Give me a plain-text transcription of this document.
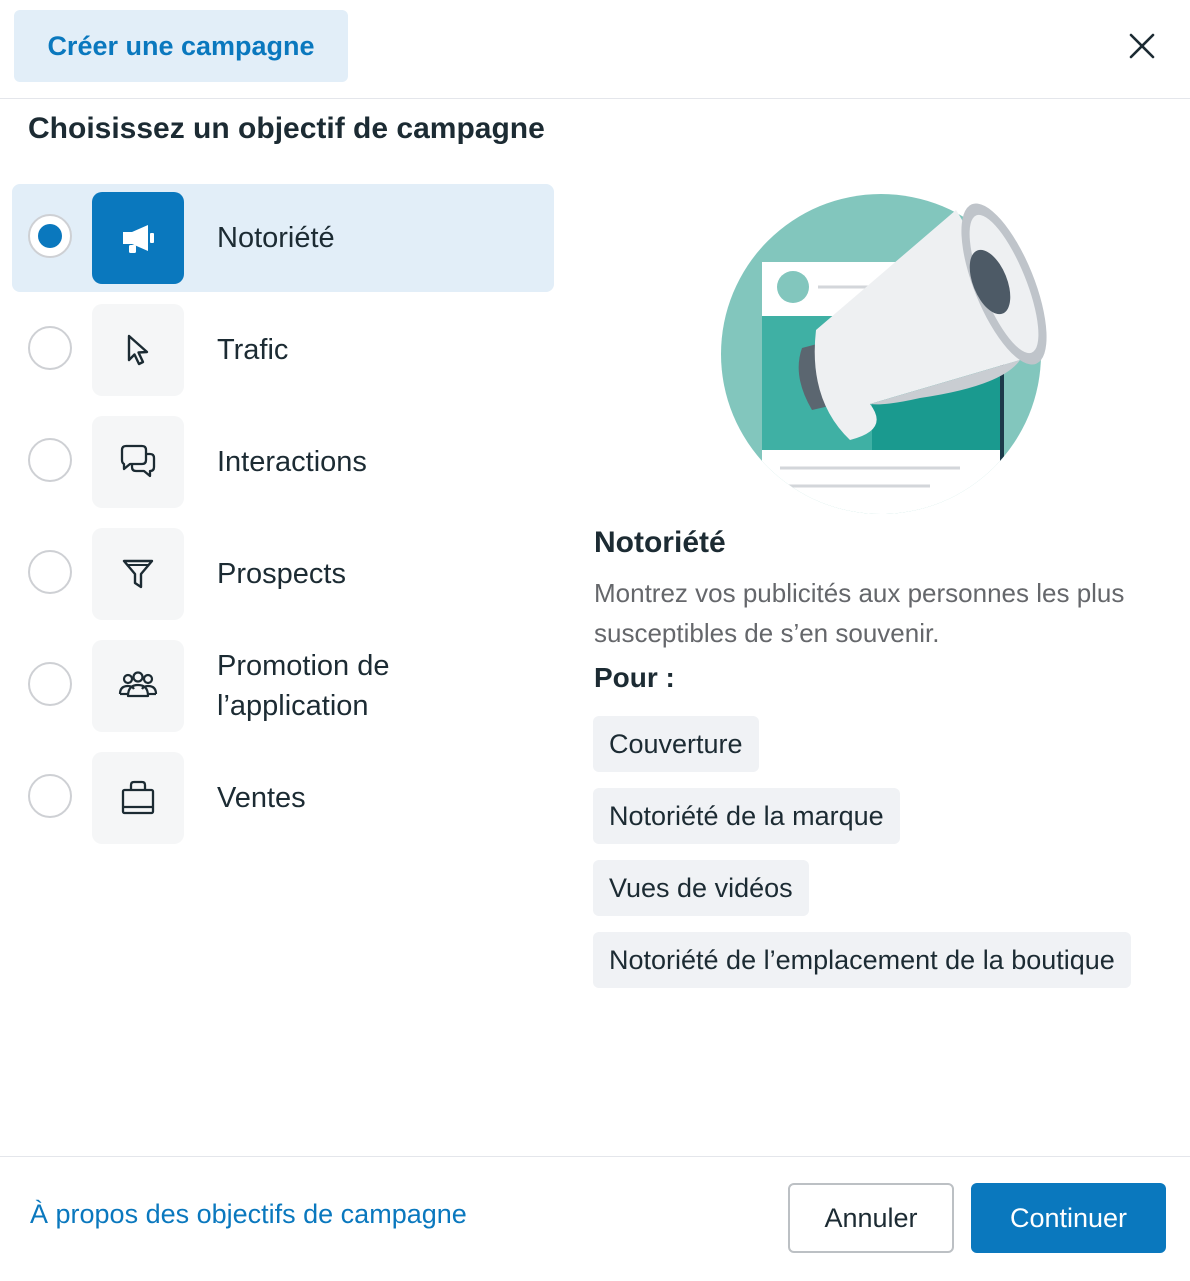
Créer une campagne
Choisissez un objectif de campagne
Notoriété
Trafic
Interactions
Prospects
Promotion de
l’application
Ventes
Notoriété
Montrez vos publicités aux personnes les plus susceptibles de s’en souvenir.
Pour :
Couverture
Notoriété de la marque
Vues de vidéos
Notoriété de l’emplacement de la boutique
À propos des objectifs de campagne	Annuler	Continuer
